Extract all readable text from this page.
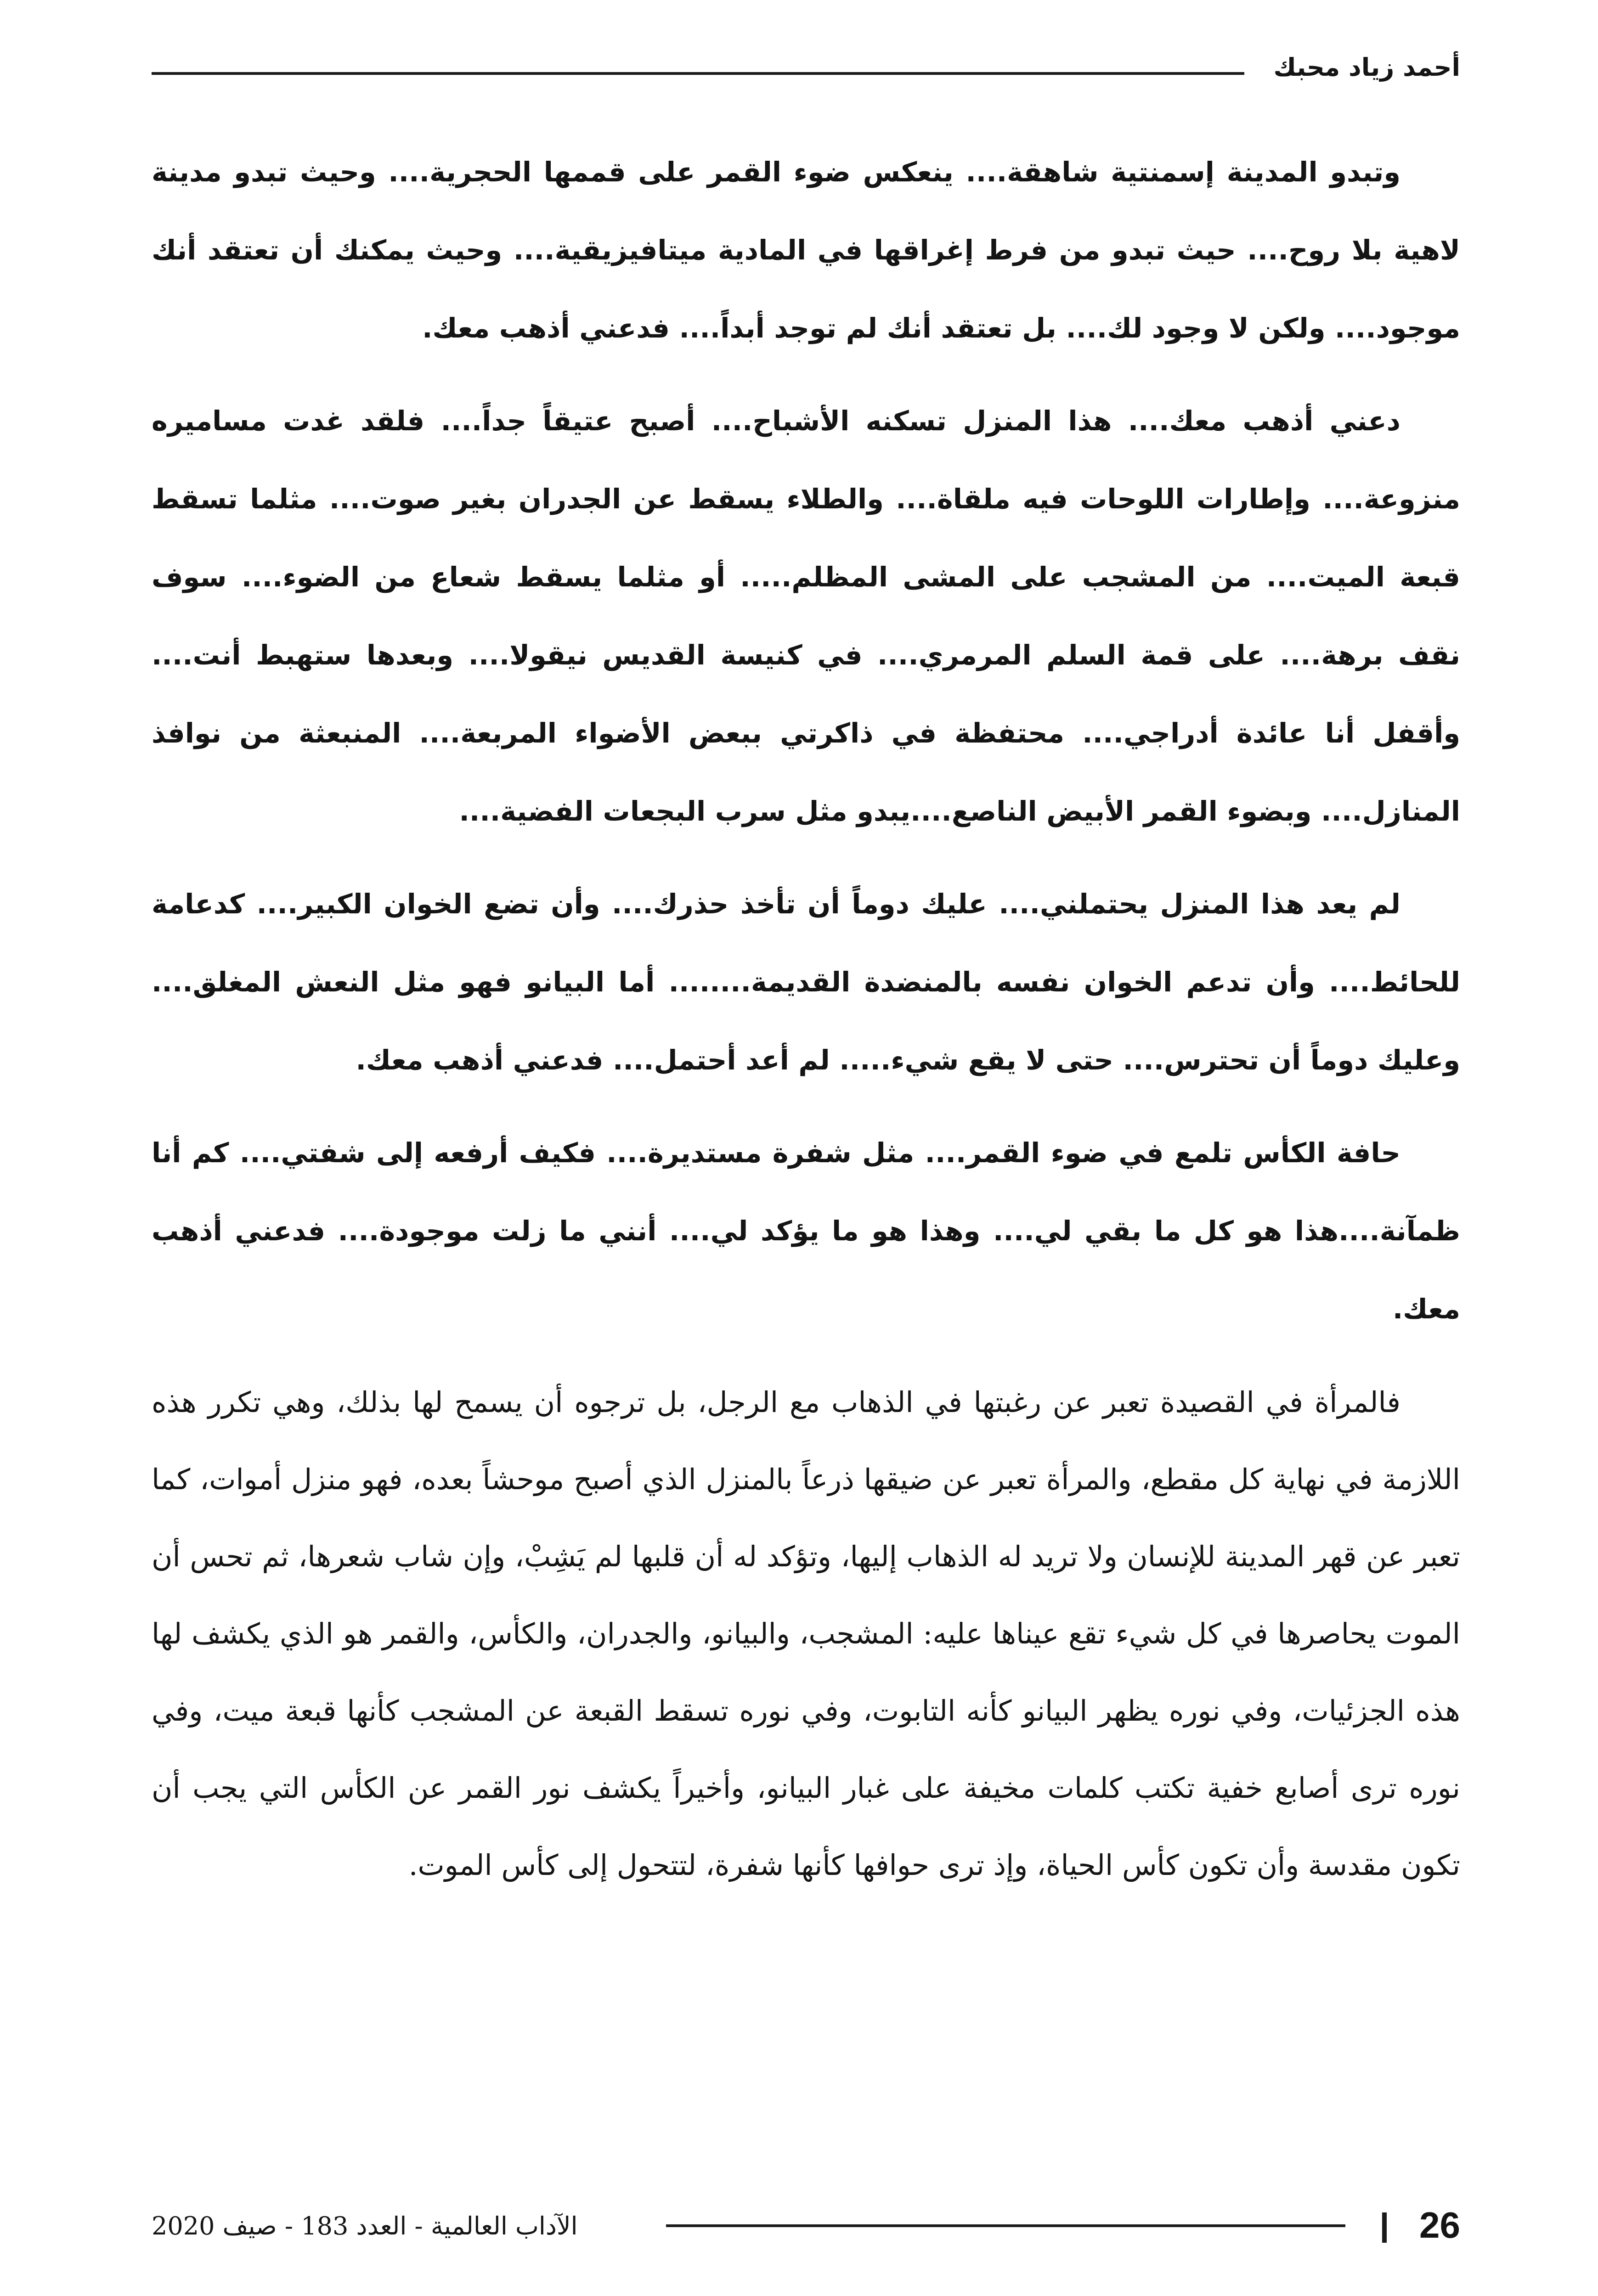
أحمد زياد محبك

وتبدو المدينة إسمنتية شاهقة.... ينعكس ضوء القمر على قممها الحجرية.... وحيث تبدو مدينة لاهية بلا روح.... حيث تبدو من فرط إغراقها في المادية ميتافيزيقية.... وحيث يمكنك أن تعتقد أنك موجود.... ولكن لا وجود لك.... بل تعتقد أنك لم توجد أبداً.... فدعني أذهب معك.

دعني أذهب معك.... هذا المنزل تسكنه الأشباح.... أصبح عتيقاً جداً.... فلقد غدت مساميره منزوعة.... وإطارات اللوحات فيه ملقاة.... والطلاء يسقط عن الجدران بغير صوت.... مثلما تسقط قبعة الميت.... من المشجب على المشى المظلم..... أو مثلما يسقط شعاع من الضوء.... سوف نقف برهة.... على قمة السلم المرمري.... في كنيسة القديس نيقولا.... وبعدها ستهبط أنت.... وأقفل أنا عائدة أدراجي.... محتفظة في ذاكرتي ببعض الأضواء المربعة.... المنبعثة من نوافذ المنازل.... وبضوء القمر الأبيض الناصع....يبدو مثل سرب البجعات الفضية....

لم يعد هذا المنزل يحتملني.... عليك دوماً أن تأخذ حذرك.... وأن تضع الخوان الكبير.... كدعامة للحائط.... وأن تدعم الخوان نفسه بالمنضدة القديمة........ أما البيانو فهو مثل النعش المغلق.... وعليك دوماً أن تحترس.... حتى لا يقع شيء..... لم أعد أحتمل.... فدعني أذهب معك.

حافة الكأس تلمع في ضوء القمر.... مثل شفرة مستديرة.... فكيف أرفعه إلى شفتي.... كم أنا ظمآنة....هذا هو كل ما بقي لي.... وهذا هو ما يؤكد لي.... أنني ما زلت موجودة.... فدعني أذهب معك.

فالمرأة في القصيدة تعبر عن رغبتها في الذهاب مع الرجل، بل ترجوه أن يسمح لها بذلك، وهي تكرر هذه اللازمة في نهاية كل مقطع، والمرأة تعبر عن ضيقها ذرعاً بالمنزل الذي أصبح موحشاً بعده، فهو منزل أموات، كما تعبر عن قهر المدينة للإنسان ولا تريد له الذهاب إليها، وتؤكد له أن قلبها لم يَشِبْ، وإن شاب شعرها، ثم تحس أن الموت يحاصرها في كل شيء تقع عيناها عليه: المشجب، والبيانو، والجدران، والكأس، والقمر هو الذي يكشف لها هذه الجزئيات، وفي نوره يظهر البيانو كأنه التابوت، وفي نوره تسقط القبعة عن المشجب كأنها قبعة ميت، وفي نوره ترى أصابع خفية تكتب كلمات مخيفة على غبار البيانو، وأخيراً يكشف نور القمر عن الكأس التي يجب أن تكون مقدسة وأن تكون كأس الحياة، وإذ ترى حوافها كأنها شفرة، لتتحول إلى كأس الموت.

26
الآداب العالمية - العدد 183 - صيف 2020
